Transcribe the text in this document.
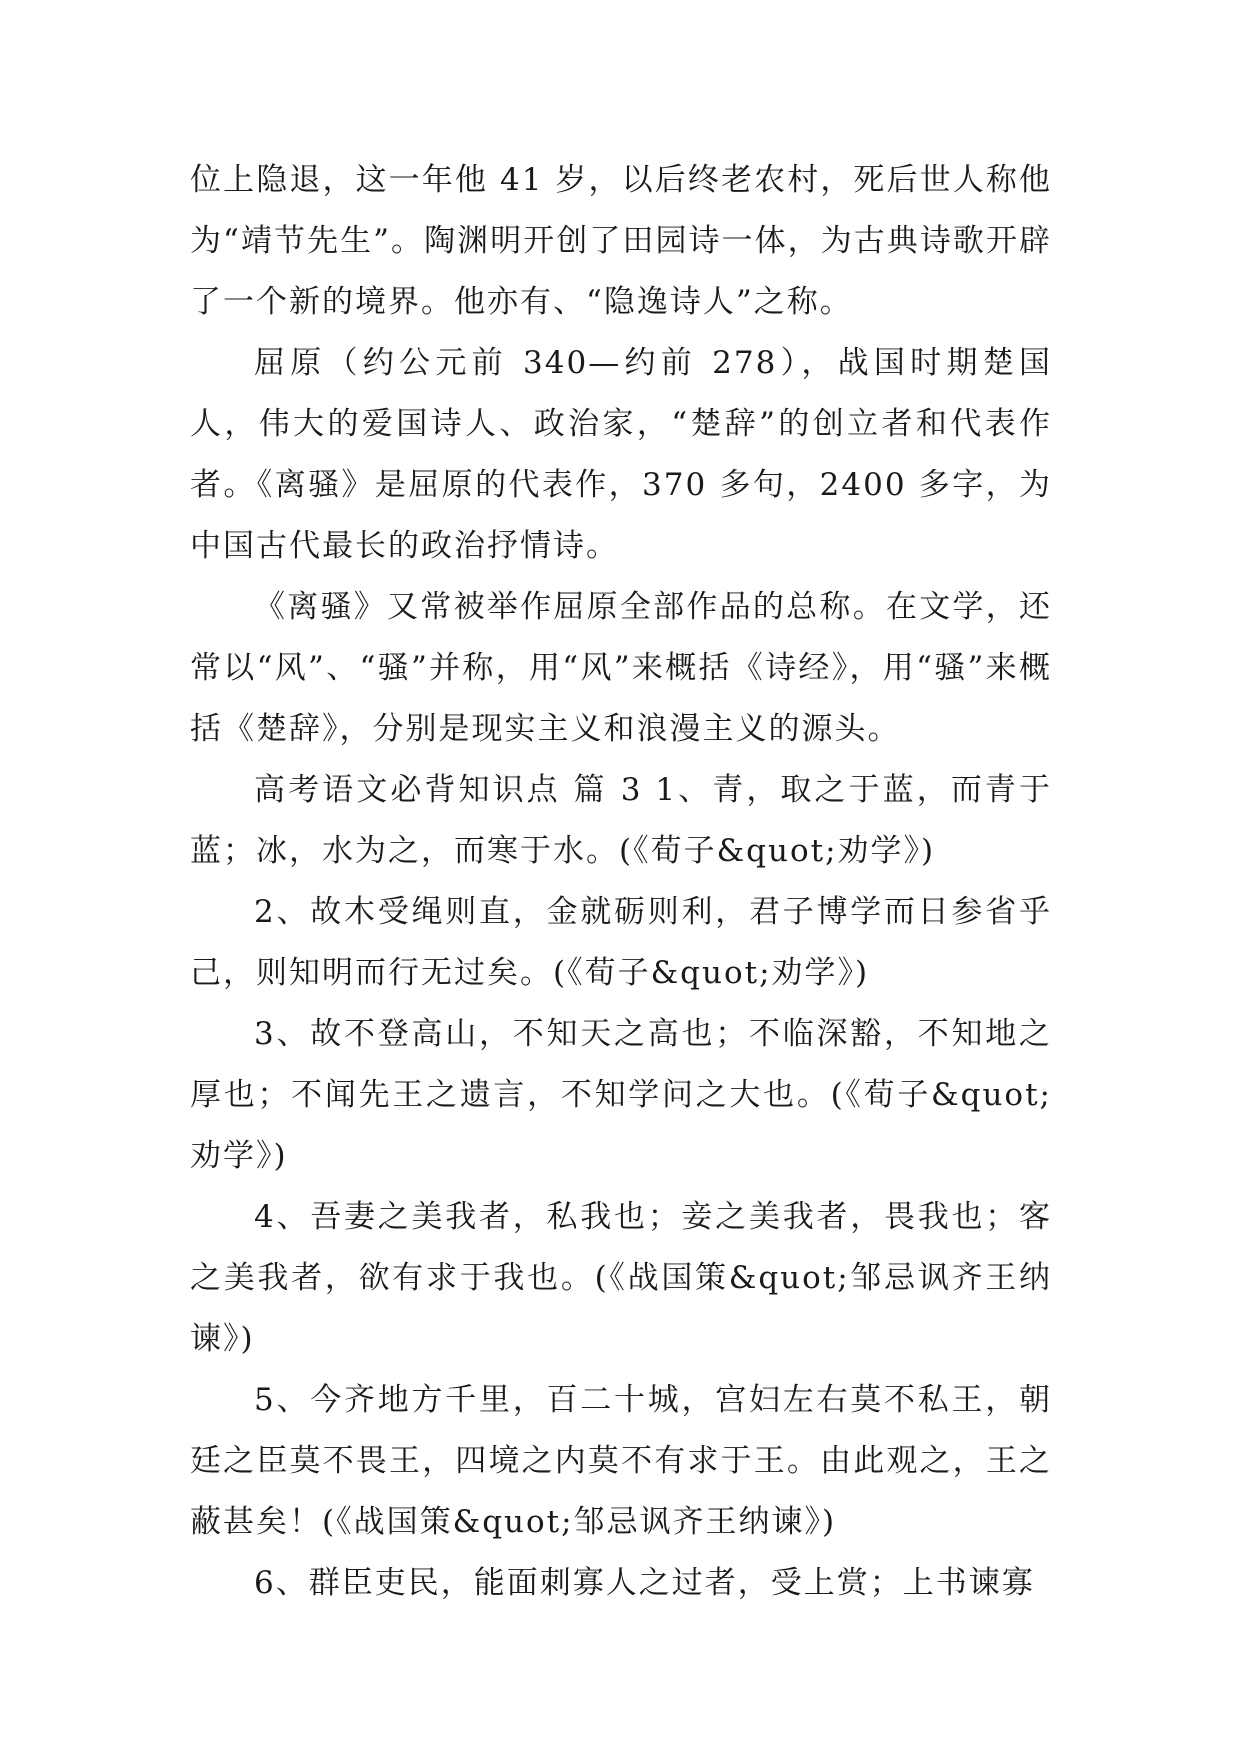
位上隐退，这一年他 41 岁，以后终老农村，死后世人称他为“靖节先生”。陶渊明开创了田园诗一体，为古典诗歌开辟了一个新的境界。他亦有、“隐逸诗人”之称。

屈原（约公元前 340—约前 278），战国时期楚国人，伟大的爱国诗人、政治家，“楚辞”的创立者和代表作者。《离骚》是屈原的代表作，370 多句，2400 多字，为中国古代最长的政治抒情诗。

《离骚》又常被举作屈原全部作品的总称。在文学，还常以“风”、“骚”并称，用“风”来概括《诗经》，用“骚”来概括《楚辞》，分别是现实主义和浪漫主义的源头。

高考语文必背知识点 篇 3 1、青，取之于蓝，而青于蓝；冰，水为之，而寒于水。(《荀子&quot;劝学》)

2、故木受绳则直，金就砺则利，君子博学而日参省乎己，则知明而行无过矣。(《荀子&quot;劝学》)

3、故不登高山，不知天之高也；不临深豁，不知地之厚也；不闻先王之遗言，不知学问之大也。(《荀子&quot;劝学》)

4、吾妻之美我者，私我也；妾之美我者，畏我也；客之美我者，欲有求于我也。(《战国策&quot;邹忌讽齐王纳谏》)

5、今齐地方千里，百二十城，宫妇左右莫不私王，朝廷之臣莫不畏王，四境之内莫不有求于王。由此观之，王之蔽甚矣！(《战国策&quot;邹忌讽齐王纳谏》)

6、群臣吏民，能面刺寡人之过者，受上赏；上书谏寡
